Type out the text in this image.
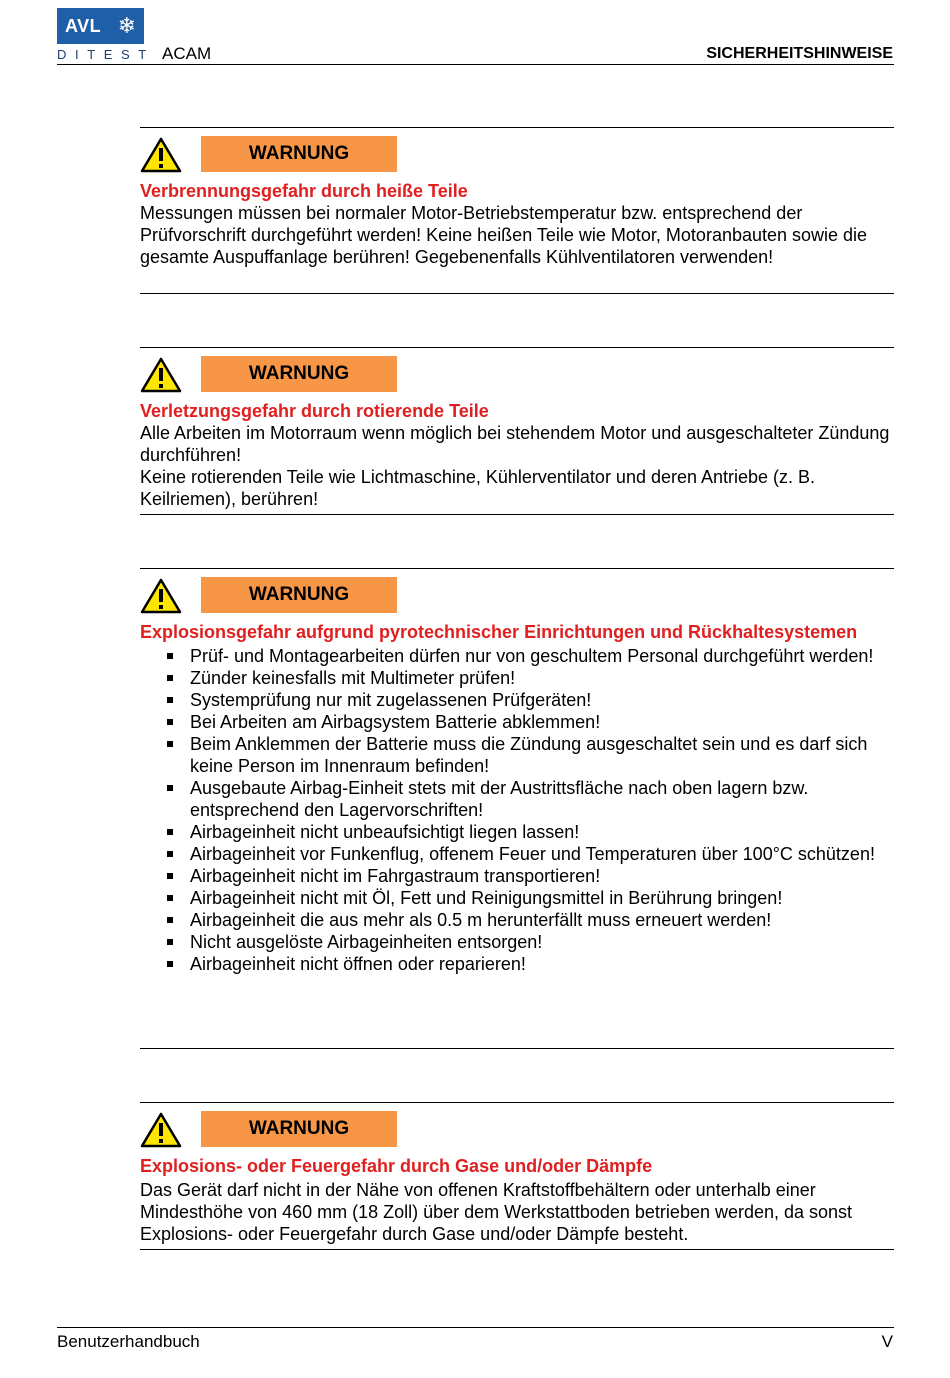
AVL ❄
DITEST ACAM	SICHERHEITSHINWEISE
WARNUNG
Verbrennungsgefahr durch heiße Teile
Messungen müssen bei normaler Motor-Betriebstemperatur bzw. entsprechend der Prüfvorschrift durchgeführt werden! Keine heißen Teile wie Motor, Motoranbauten sowie die gesamte Auspuffanlage berühren! Gegebenenfalls Kühlventilatoren verwenden!
WARNUNG
Verletzungsgefahr durch rotierende Teile
Alle Arbeiten im Motorraum wenn möglich bei stehendem Motor und ausgeschalteter Zündung durchführen!
Keine rotierenden Teile wie Lichtmaschine, Kühlerventilator und deren Antriebe (z. B. Keilriemen), berühren!
WARNUNG
Explosionsgefahr aufgrund pyrotechnischer Einrichtungen und Rückhaltesystemen
Prüf- und Montagearbeiten dürfen nur von geschultem Personal durchgeführt werden!
Zünder keinesfalls mit Multimeter prüfen!
Systemprüfung nur mit zugelassenen Prüfgeräten!
Bei Arbeiten am Airbagsystem Batterie abklemmen!
Beim Anklemmen der Batterie muss die Zündung ausgeschaltet sein und es darf sich keine Person im Innenraum befinden!
Ausgebaute Airbag-Einheit stets mit der Austrittsfläche nach oben lagern bzw. entsprechend den Lagervorschriften!
Airbageinheit nicht unbeaufsichtigt liegen lassen!
Airbageinheit vor Funkenflug, offenem Feuer und Temperaturen über 100°C schützen!
Airbageinheit nicht im Fahrgastraum transportieren!
Airbageinheit nicht mit Öl, Fett und Reinigungsmittel in Berührung bringen!
Airbageinheit die aus mehr als 0.5 m herunterfällt muss erneuert werden!
Nicht ausgelöste Airbageinheiten entsorgen!
Airbageinheit nicht öffnen oder reparieren!
WARNUNG
Explosions- oder Feuergefahr durch Gase und/oder Dämpfe
Das Gerät darf nicht in der Nähe von offenen Kraftstoffbehältern oder unterhalb einer Mindesthöhe von 460 mm (18 Zoll) über dem Werkstattboden betrieben werden, da sonst Explosions- oder Feuergefahr durch Gase und/oder Dämpfe besteht.
Benutzerhandbuch	V
